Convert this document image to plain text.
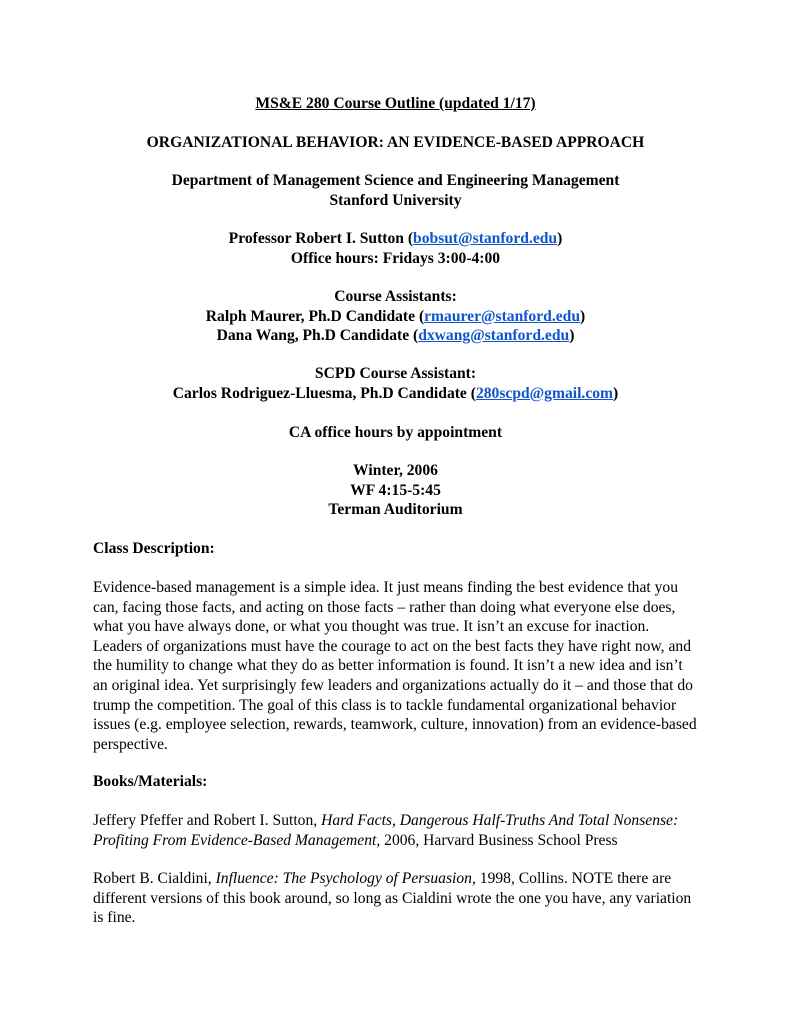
MS&E 280 Course Outline (updated 1/17)
ORGANIZATIONAL BEHAVIOR: AN EVIDENCE-BASED APPROACH
Department of Management Science and Engineering Management
Stanford University
Professor Robert I. Sutton (bobsut@stanford.edu)
Office hours: Fridays 3:00-4:00
Course Assistants:
Ralph Maurer, Ph.D Candidate (rmaurer@stanford.edu)
Dana Wang, Ph.D Candidate (dxwang@stanford.edu)
SCPD Course Assistant:
Carlos Rodriguez-Lluesma, Ph.D Candidate (280scpd@gmail.com)
CA office hours by appointment
Winter, 2006
WF 4:15-5:45
Terman Auditorium
Class Description:
Evidence-based management is a simple idea. It just means finding the best evidence that you
can, facing those facts, and acting on those facts – rather than doing what everyone else does,
what you have always done, or what you thought was true. It isn’t an excuse for inaction.
Leaders of organizations must have the courage to act on the best facts they have right now, and
the humility to change what they do as better information is found. It isn’t a new idea and isn’t
an original idea. Yet surprisingly few leaders and organizations actually do it – and those that do
trump the competition. The goal of this class is to tackle fundamental organizational behavior
issues (e.g. employee selection, rewards, teamwork, culture, innovation) from an evidence-based
perspective.
Books/Materials:
Jeffery Pfeffer and Robert I. Sutton, Hard Facts, Dangerous Half-Truths And Total Nonsense:
Profiting From Evidence-Based Management, 2006, Harvard Business School Press
Robert B. Cialdini, Influence: The Psychology of Persuasion, 1998, Collins. NOTE there are
different versions of this book around, so long as Cialdini wrote the one you have, any variation
is fine.
